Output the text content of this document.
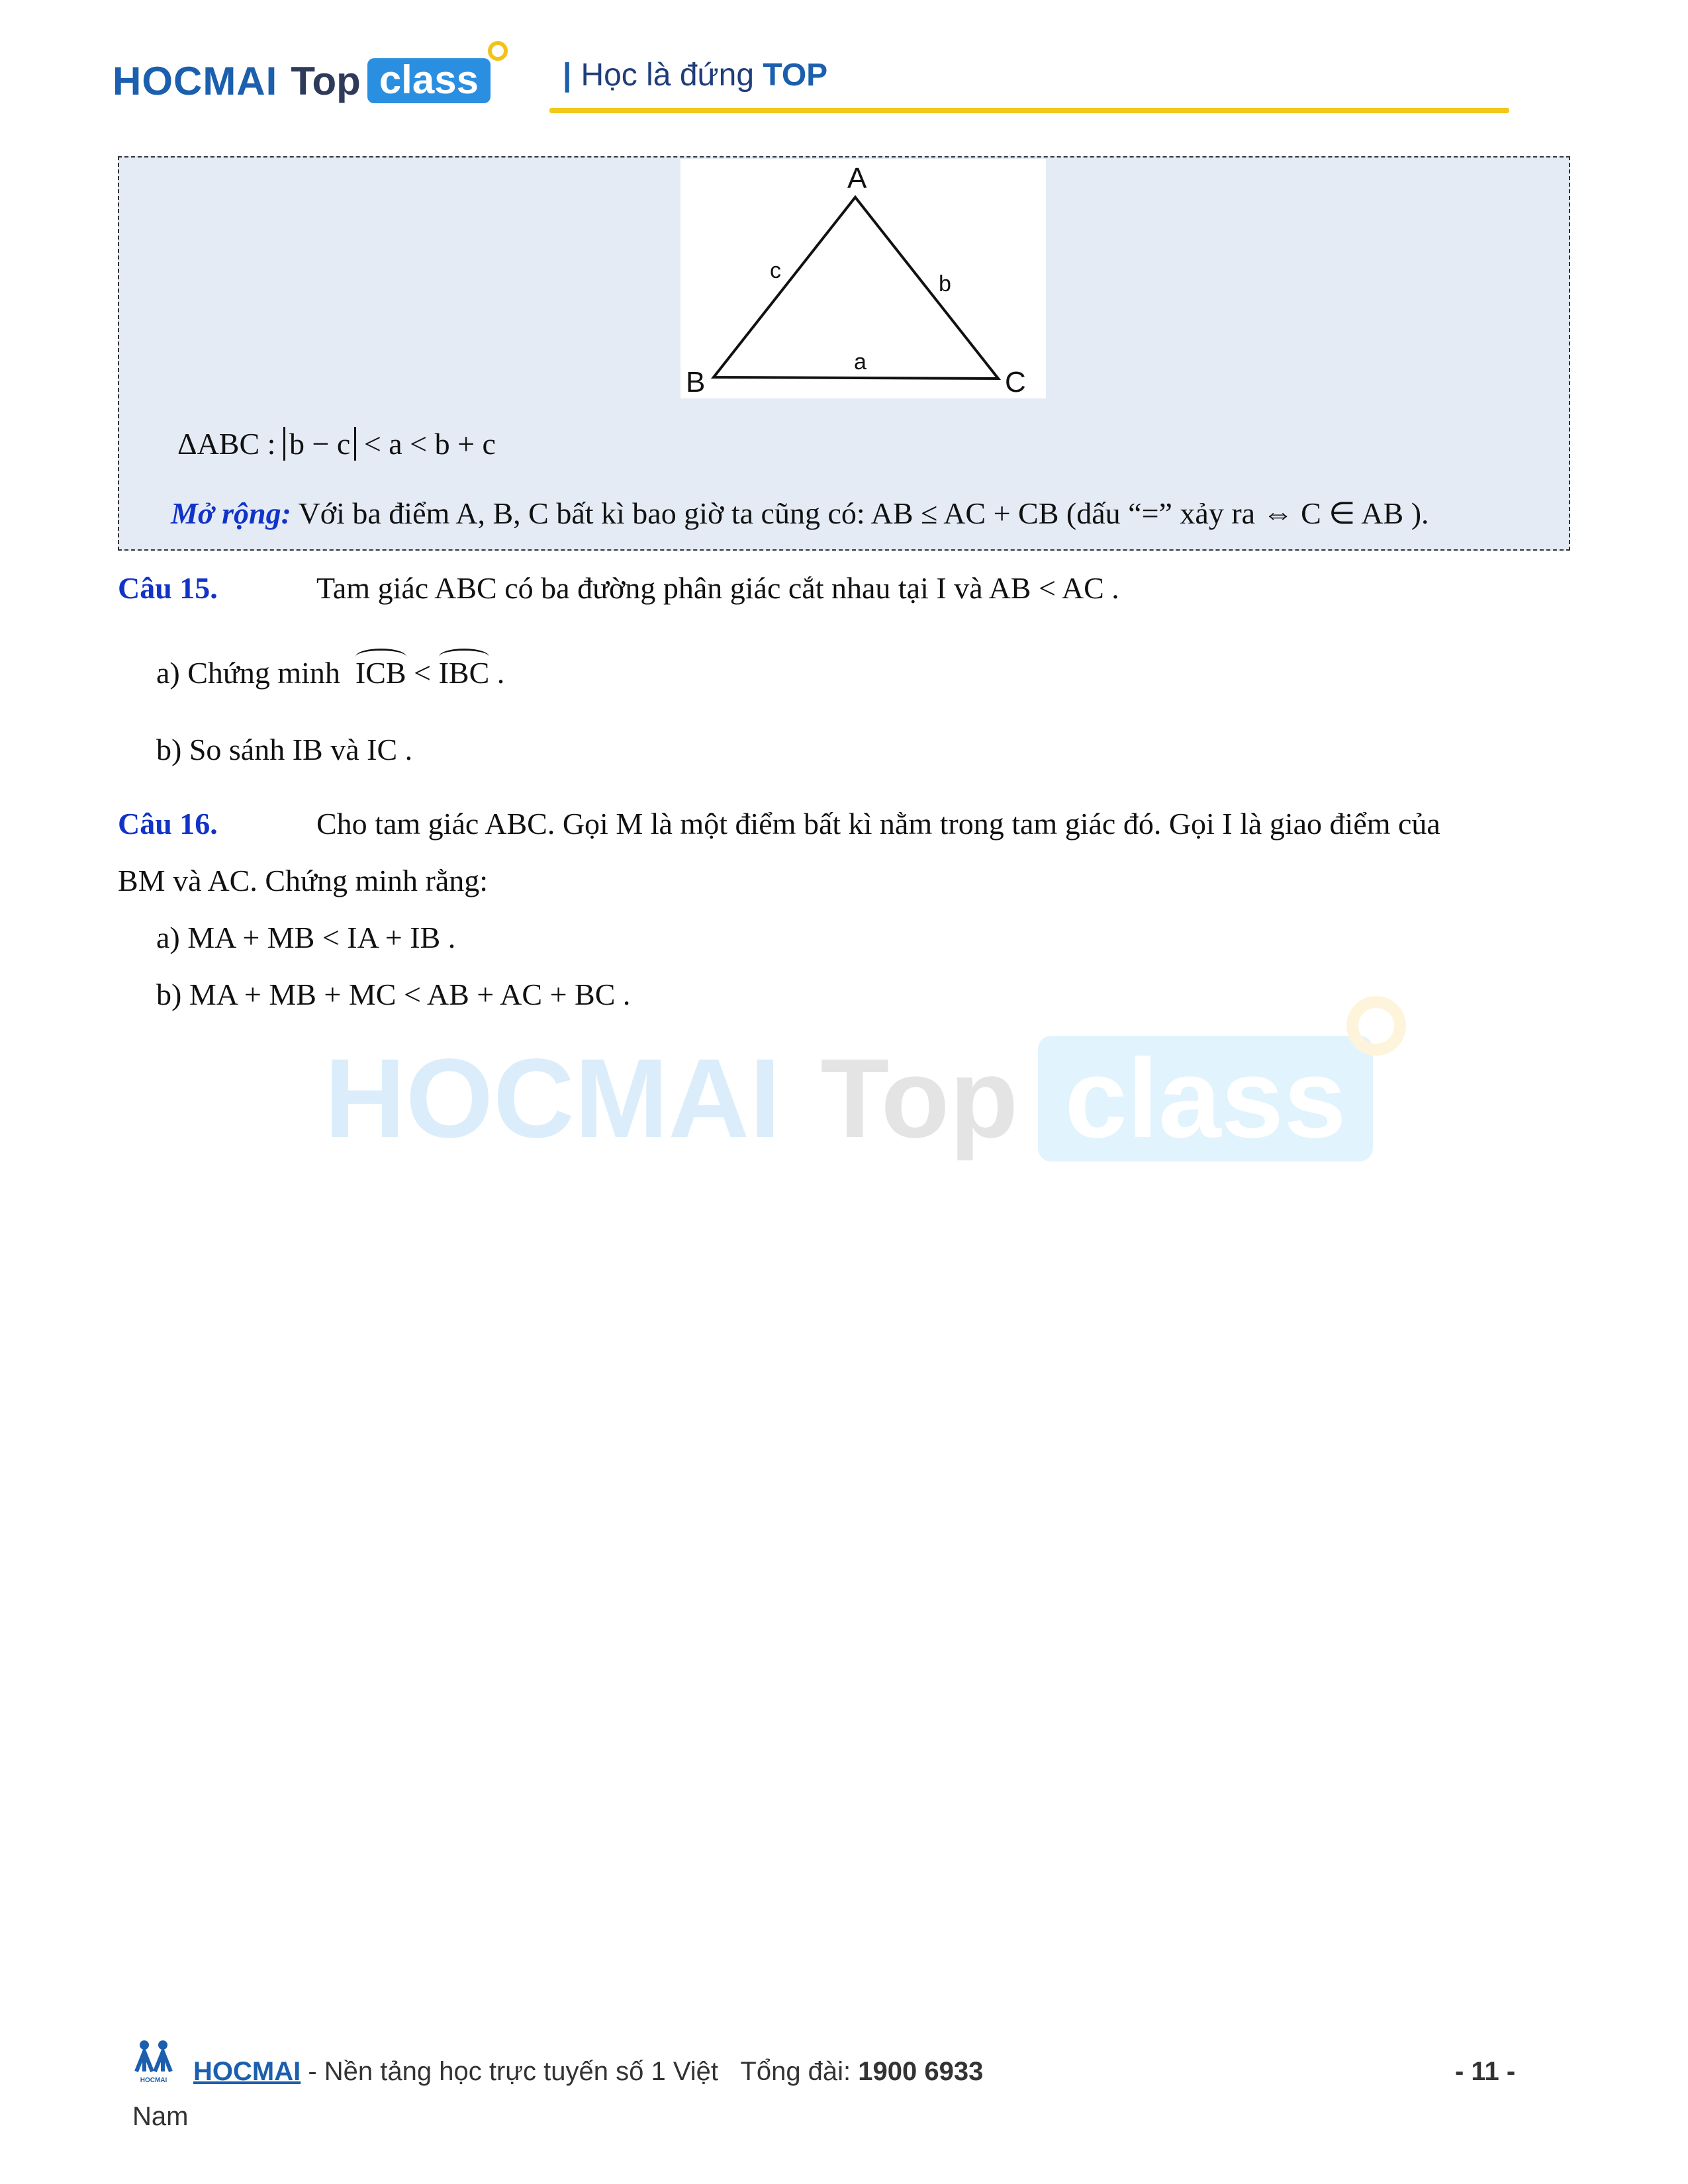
HOCMAI Top class	| Học là đứng TOP
A
B	C
a
b
c
ΔABC : b − c < a < b + c
Mở rộng: Với ba điểm A, B, C bất kì bao giờ ta cũng có: AB ≤ AC + CB (dấu “=” xảy ra ⇔ C ∈ AB ).
Câu 15.	Tam giác ABC có ba đường phân giác cắt nhau tại I và AB < AC .
a) Chứng minh ICB < IBC .
b) So sánh IB và IC .
Câu 16.	Cho tam giác ABC. Gọi M là một điểm bất kì nằm trong tam giác đó. Gọi I là giao điểm của
BM và AC. Chứng minh rằng:
a) MA + MB < IA + IB .
b) MA + MB + MC < AB + AC + BC .
HOCMAI Top class
HOCMAI HOCMAI - Nền tảng học trực tuyến số 1 Việt Tổng đài: 1900 6933	- 11 -
Nam
